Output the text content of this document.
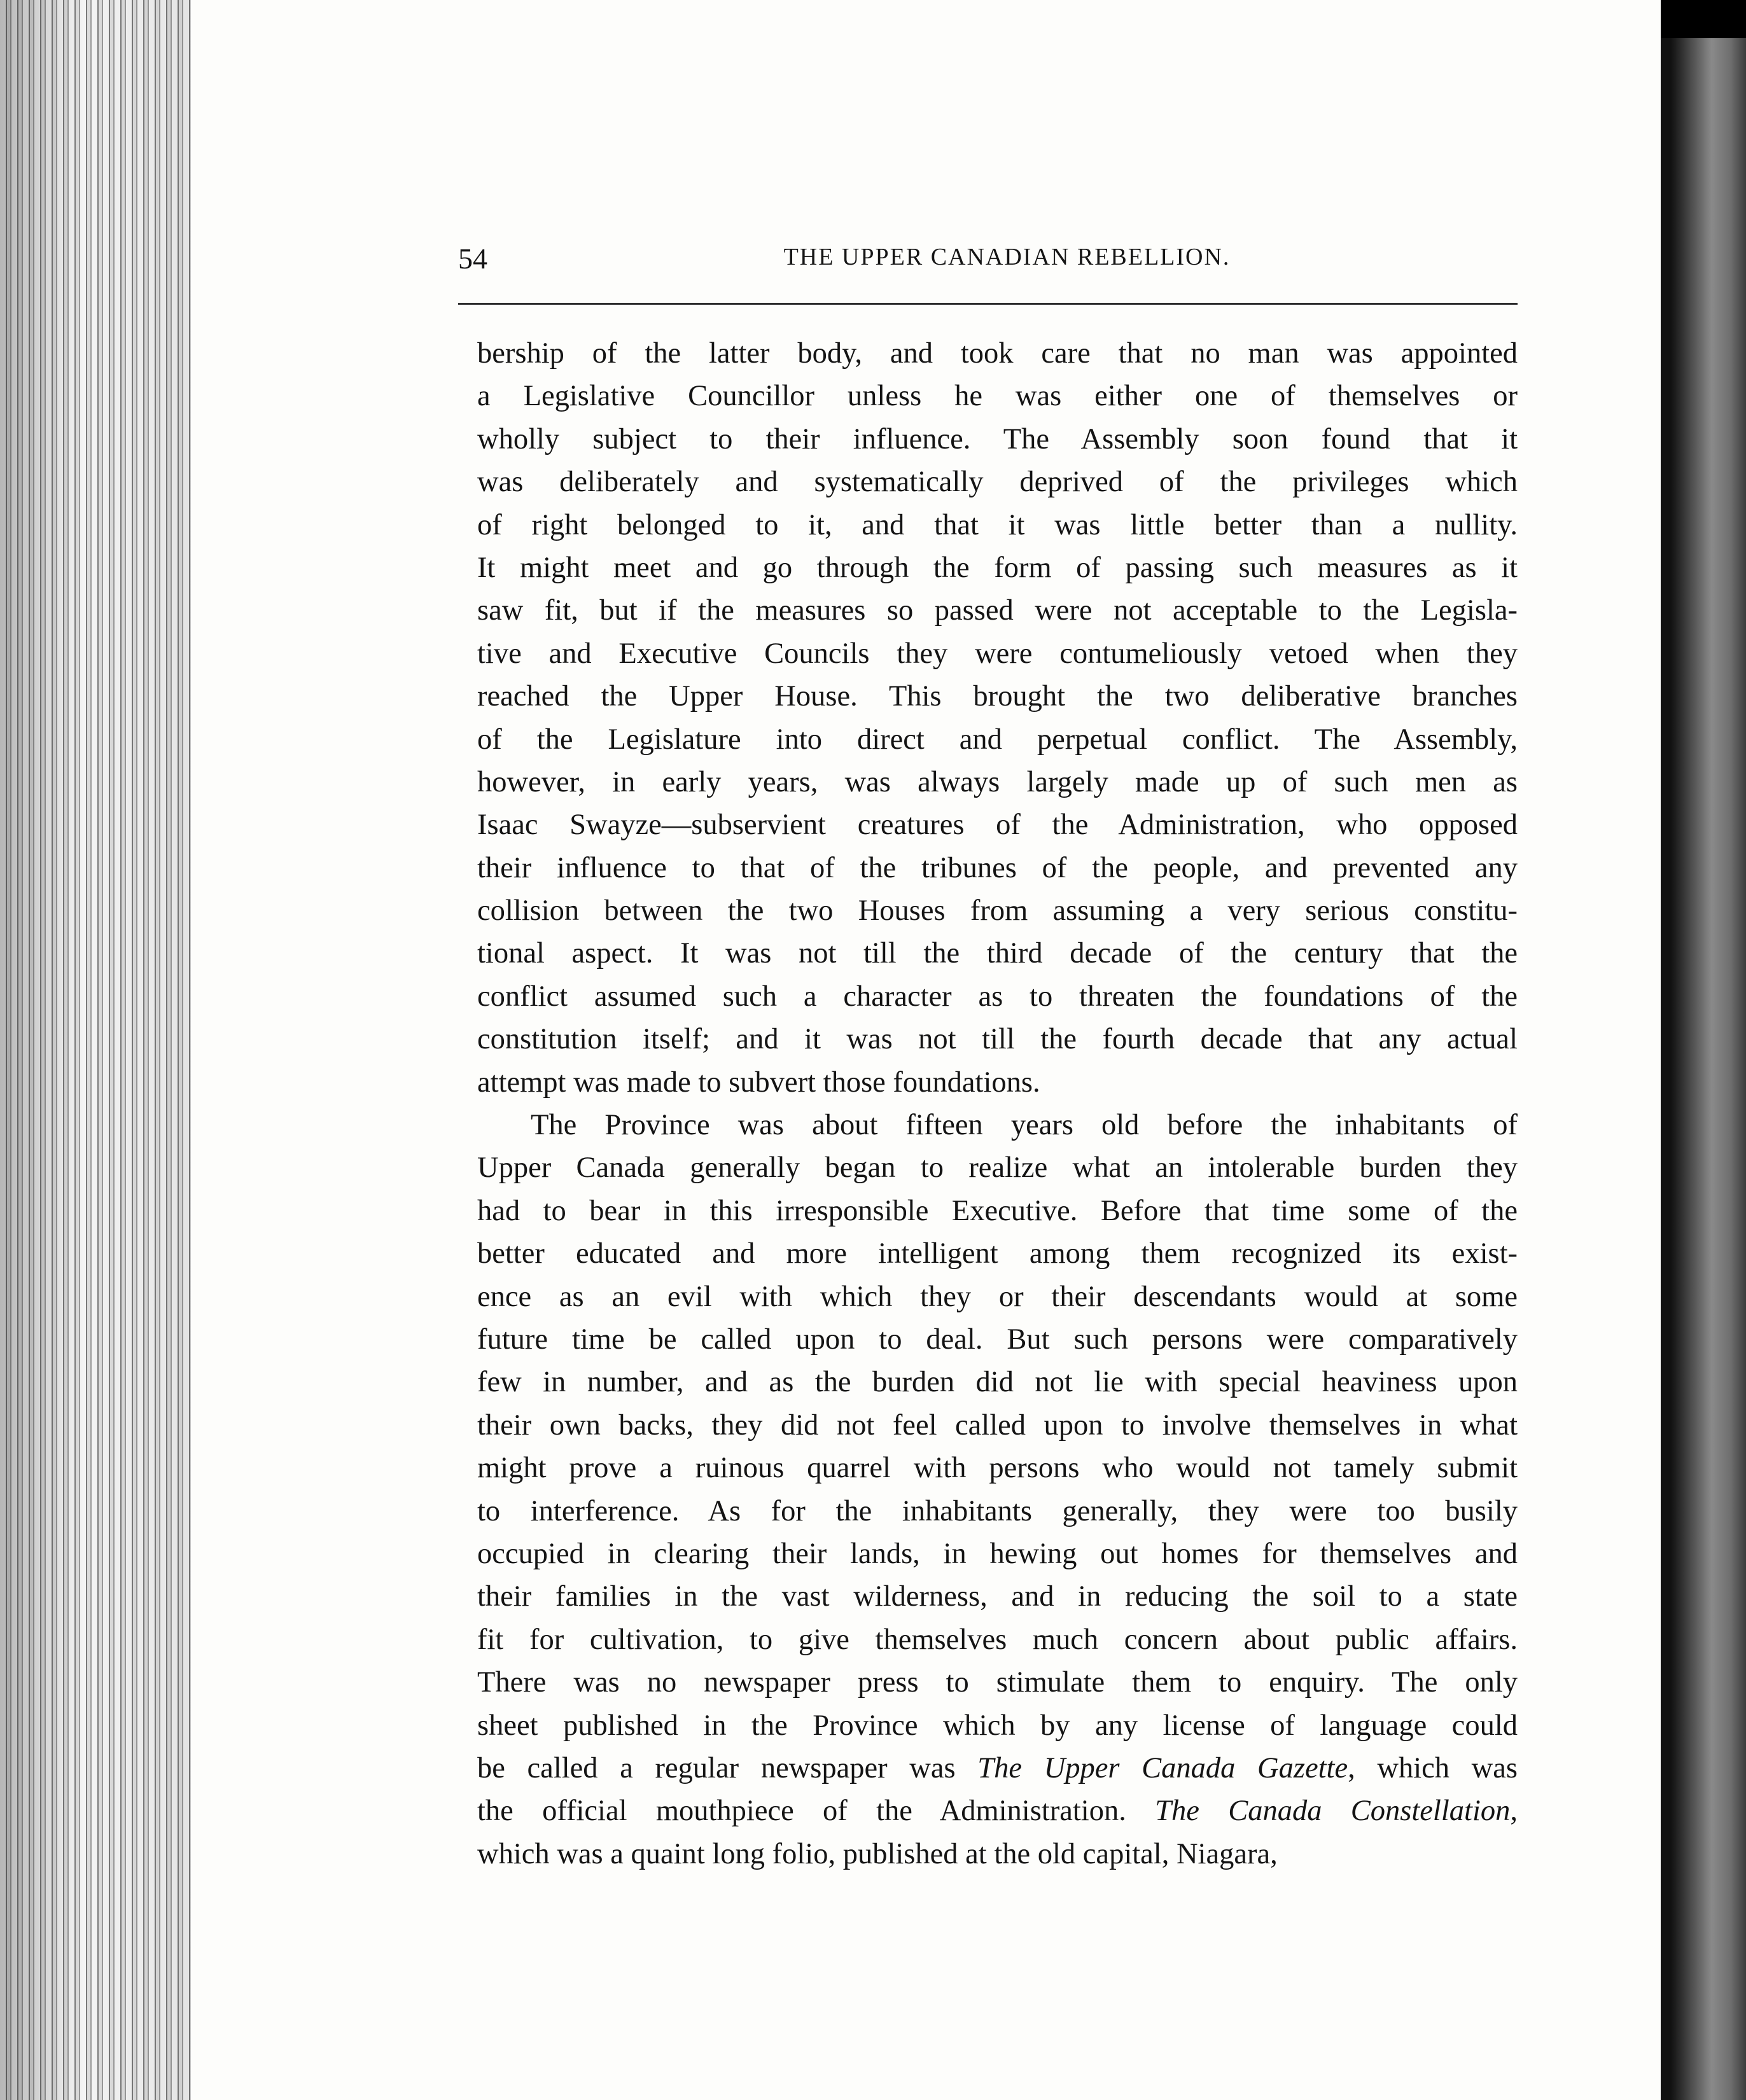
54	THE UPPER CANADIAN REBELLION.
bership of the latter body, and took care that no man was appointed
a Legislative Councillor unless he was either one of themselves or
wholly subject to their influence. The Assembly soon found that it
was deliberately and systematically deprived of the privileges which
of right belonged to it, and that it was little better than a nullity.
It might meet and go through the form of passing such measures as it
saw fit, but if the measures so passed were not acceptable to the Legisla-
tive and Executive Councils they were contumeliously vetoed when they
reached the Upper House. This brought the two deliberative branches
of the Legislature into direct and perpetual conflict. The Assembly,
however, in early years, was always largely made up of such men as
Isaac Swayze—subservient creatures of the Administration, who opposed
their influence to that of the tribunes of the people, and prevented any
collision between the two Houses from assuming a very serious constitu-
tional aspect. It was not till the third decade of the century that the
conflict assumed such a character as to threaten the foundations of the
constitution itself; and it was not till the fourth decade that any actual
attempt was made to subvert those foundations.
The Province was about fifteen years old before the inhabitants of
Upper Canada generally began to realize what an intolerable burden they
had to bear in this irresponsible Executive. Before that time some of the
better educated and more intelligent among them recognized its exist-
ence as an evil with which they or their descendants would at some
future time be called upon to deal. But such persons were comparatively
few in number, and as the burden did not lie with special heaviness upon
their own backs, they did not feel called upon to involve themselves in what
might prove a ruinous quarrel with persons who would not tamely submit
to interference. As for the inhabitants generally, they were too busily
occupied in clearing their lands, in hewing out homes for themselves and
their families in the vast wilderness, and in reducing the soil to a state
fit for cultivation, to give themselves much concern about public affairs.
There was no newspaper press to stimulate them to enquiry. The only
sheet published in the Province which by any license of language could
be called a regular newspaper was The Upper Canada Gazette, which was
the official mouthpiece of the Administration. The Canada Constellation,
which was a quaint long folio, published at the old capital, Niagara,
